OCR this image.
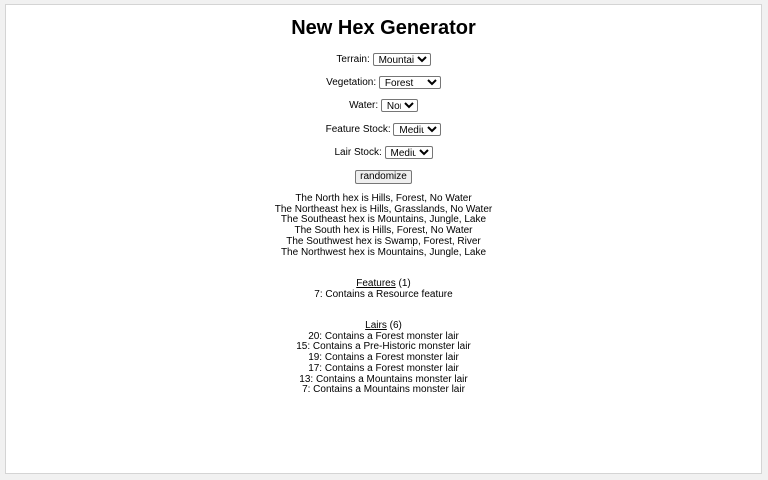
New Hex Generator
Terrain:
Mountains
Vegetation:
Forest
Water:
None
Feature Stock:
Medium
Lair Stock:
Medium
randomize
The North hex is Hills, Forest, No Water
The Northeast hex is Hills, Grasslands, No Water
The Southeast hex is Mountains, Jungle, Lake
The South hex is Hills, Forest, No Water
The Southwest hex is Swamp, Forest, River
The Northwest hex is Mountains, Jungle, Lake
Features (1)
7: Contains a Resource feature
Lairs (6)
20: Contains a Forest monster lair
15: Contains a Pre-Historic monster lair
19: Contains a Forest monster lair
17: Contains a Forest monster lair
13: Contains a Mountains monster lair
7: Contains a Mountains monster lair
